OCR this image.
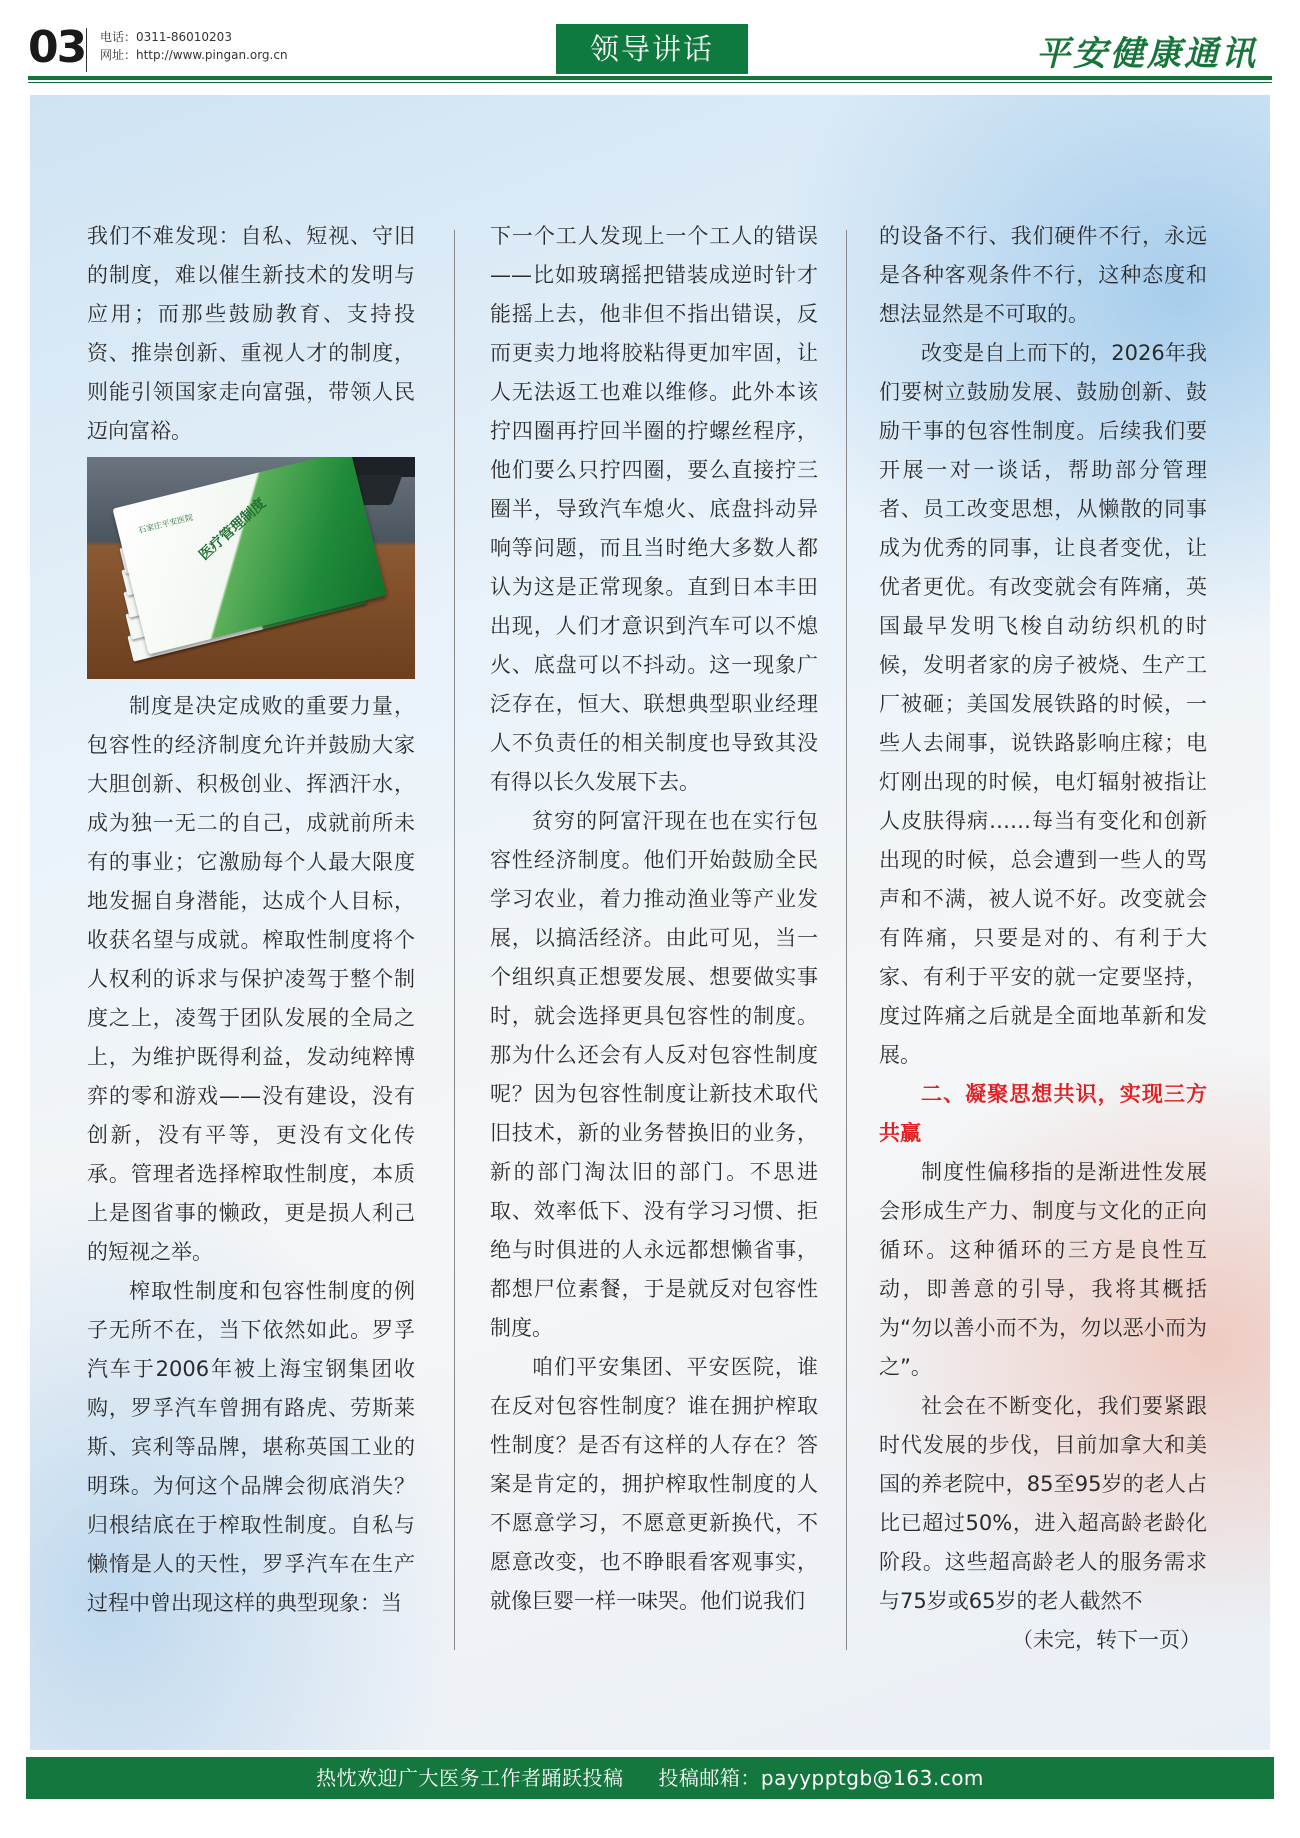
03 电话：0311-86010203
网址：http://www.pingan.org.cn	领导讲话	平安健康通讯

我们不难发现：自私、短视、守旧的制度，难以催生新技术的发明与应用；而那些鼓励教育、支持投资、推崇创新、重视人才的制度，则能引领国家走向富强，带领人民迈向富裕。

石家庄平安医院 医疗管理制度

制度是决定成败的重要力量，包容性的经济制度允许并鼓励大家大胆创新、积极创业、挥洒汗水，成为独一无二的自己，成就前所未有的事业；它激励每个人最大限度地发掘自身潜能，达成个人目标，收获名望与成就。榨取性制度将个人权利的诉求与保护凌驾于整个制度之上，凌驾于团队发展的全局之上，为维护既得利益，发动纯粹博弈的零和游戏——没有建设，没有创新，没有平等，更没有文化传承。管理者选择榨取性制度，本质上是图省事的懒政，更是损人利己的短视之举。

榨取性制度和包容性制度的例子无所不在，当下依然如此。罗孚汽车于2006年被上海宝钢集团收购，罗孚汽车曾拥有路虎、劳斯莱斯、宾利等品牌，堪称英国工业的明珠。为何这个品牌会彻底消失？归根结底在于榨取性制度。自私与懒惰是人的天性，罗孚汽车在生产过程中曾出现这样的典型现象：当

下一个工人发现上一个工人的错误——比如玻璃摇把错装成逆时针才能摇上去，他非但不指出错误，反而更卖力地将胶粘得更加牢固，让人无法返工也难以维修。此外本该拧四圈再拧回半圈的拧螺丝程序，他们要么只拧四圈，要么直接拧三圈半，导致汽车熄火、底盘抖动异响等问题，而且当时绝大多数人都认为这是正常现象。直到日本丰田出现，人们才意识到汽车可以不熄火、底盘可以不抖动。这一现象广泛存在，恒大、联想典型职业经理人不负责任的相关制度也导致其没有得以长久发展下去。

贫穷的阿富汗现在也在实行包容性经济制度。他们开始鼓励全民学习农业，着力推动渔业等产业发展，以搞活经济。由此可见，当一个组织真正想要发展、想要做实事时，就会选择更具包容性的制度。那为什么还会有人反对包容性制度呢？因为包容性制度让新技术取代旧技术，新的业务替换旧的业务，新的部门淘汰旧的部门。不思进取、效率低下、没有学习习惯、拒绝与时俱进的人永远都想懒省事，都想尸位素餐，于是就反对包容性制度。

咱们平安集团、平安医院，谁在反对包容性制度？谁在拥护榨取性制度？是否有这样的人存在？答案是肯定的，拥护榨取性制度的人不愿意学习，不愿意更新换代，不愿意改变，也不睁眼看客观事实，就像巨婴一样一味哭。他们说我们

的设备不行、我们硬件不行，永远是各种客观条件不行，这种态度和想法显然是不可取的。

改变是自上而下的，2026年我们要树立鼓励发展、鼓励创新、鼓励干事的包容性制度。后续我们要开展一对一谈话，帮助部分管理者、员工改变思想，从懒散的同事成为优秀的同事，让良者变优，让优者更优。有改变就会有阵痛，英国最早发明飞梭自动纺织机的时候，发明者家的房子被烧、生产工厂被砸；美国发展铁路的时候，一些人去闹事，说铁路影响庄稼；电灯刚出现的时候，电灯辐射被指让人皮肤得病……每当有变化和创新出现的时候，总会遭到一些人的骂声和不满，被人说不好。改变就会有阵痛，只要是对的、有利于大家、有利于平安的就一定要坚持，度过阵痛之后就是全面地革新和发展。

二、凝聚思想共识，实现三方共赢

制度性偏移指的是渐进性发展会形成生产力、制度与文化的正向循环。这种循环的三方是良性互动，即善意的引导，我将其概括为“勿以善小而不为，勿以恶小而为之”。

社会在不断变化，我们要紧跟时代发展的步伐，目前加拿大和美国的养老院中，85至95岁的老人占比已超过50%，进入超高龄老龄化阶段。这些超高龄老人的服务需求与75岁或65岁的老人截然不

（未完，转下一页）

热忱欢迎广大医务工作者踊跃投稿 投稿邮箱：payypptgb@163.com
